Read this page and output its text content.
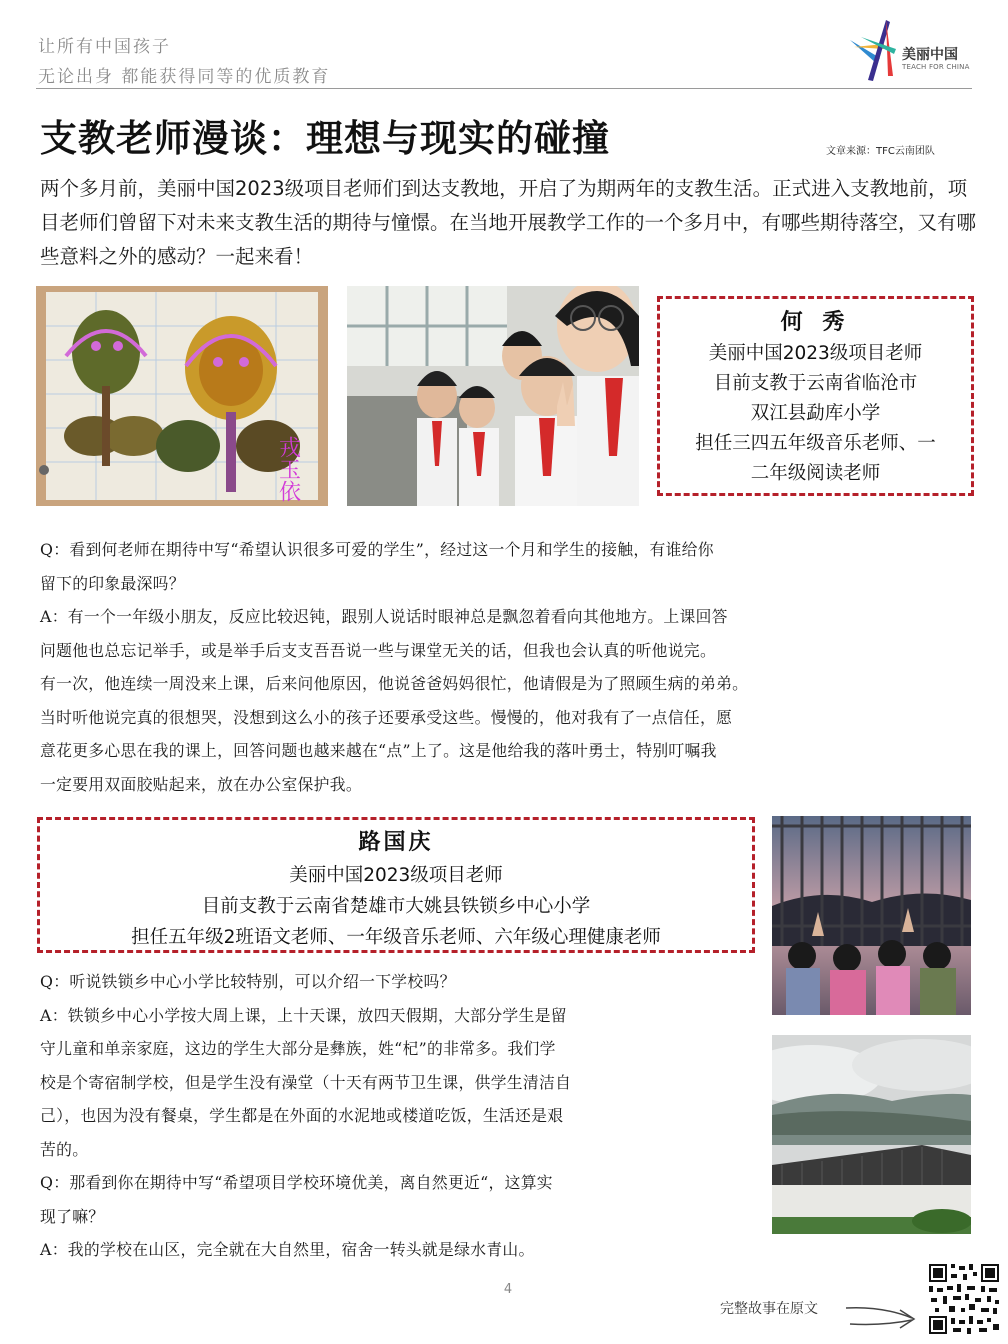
让所有中国孩子
无论出身 都能获得同等的优质教育
美丽中国
TEACH FOR CHINA
支教老师漫谈：理想与现实的碰撞	文章来源：TFC云南团队
两个多月前，美丽中国2023级项目老师们到达支教地，开启了为期两年的支教生活。正式进入支教地前，项目老师们曾留下对未来支教生活的期待与憧憬。在当地开展教学工作的一个多月中，有哪些期待落空，又有哪些意料之外的感动？一起来看！
戎玉依
何 秀
美丽中国2023级项目老师
目前支教于云南省临沧市
双江县勐库小学
担任三四五年级音乐老师、一
二年级阅读老师

Q：看到何老师在期待中写“希望认识很多可爱的学生”，经过这一个月和学生的接触，有谁给你

留下的印象最深吗？

A：有一个一年级小朋友，反应比较迟钝，跟别人说话时眼神总是飘忽着看向其他地方。上课回答

问题他也总忘记举手，或是举手后支支吾吾说一些与课堂无关的话，但我也会认真的听他说完。

有一次，他连续一周没来上课，后来问他原因，他说爸爸妈妈很忙，他请假是为了照顾生病的弟弟。

当时听他说完真的很想哭，没想到这么小的孩子还要承受这些。慢慢的，他对我有了一点信任，愿

意花更多心思在我的课上，回答问题也越来越在“点”上了。这是他给我的落叶勇士，特别叮嘱我

一定要用双面胶贴起来，放在办公室保护我。

路国庆
美丽中国2023级项目老师
目前支教于云南省楚雄市大姚县铁锁乡中心小学
担任五年级2班语文老师、一年级音乐老师、六年级心理健康老师

Q：听说铁锁乡中心小学比较特别，可以介绍一下学校吗？

A：铁锁乡中心小学按大周上课，上十天课，放四天假期，大部分学生是留

守儿童和单亲家庭，这边的学生大部分是彝族，姓“杞”的非常多。我们学

校是个寄宿制学校，但是学生没有澡堂（十天有两节卫生课，供学生清洁自

己），也因为没有餐桌，学生都是在外面的水泥地或楼道吃饭，生活还是艰

苦的。

Q：那看到你在期待中写“希望项目学校环境优美，离自然更近“，这算实

现了嘛？

A：我的学校在山区，完全就在大自然里，宿舍一转头就是绿水青山。

4
完整故事在原文
